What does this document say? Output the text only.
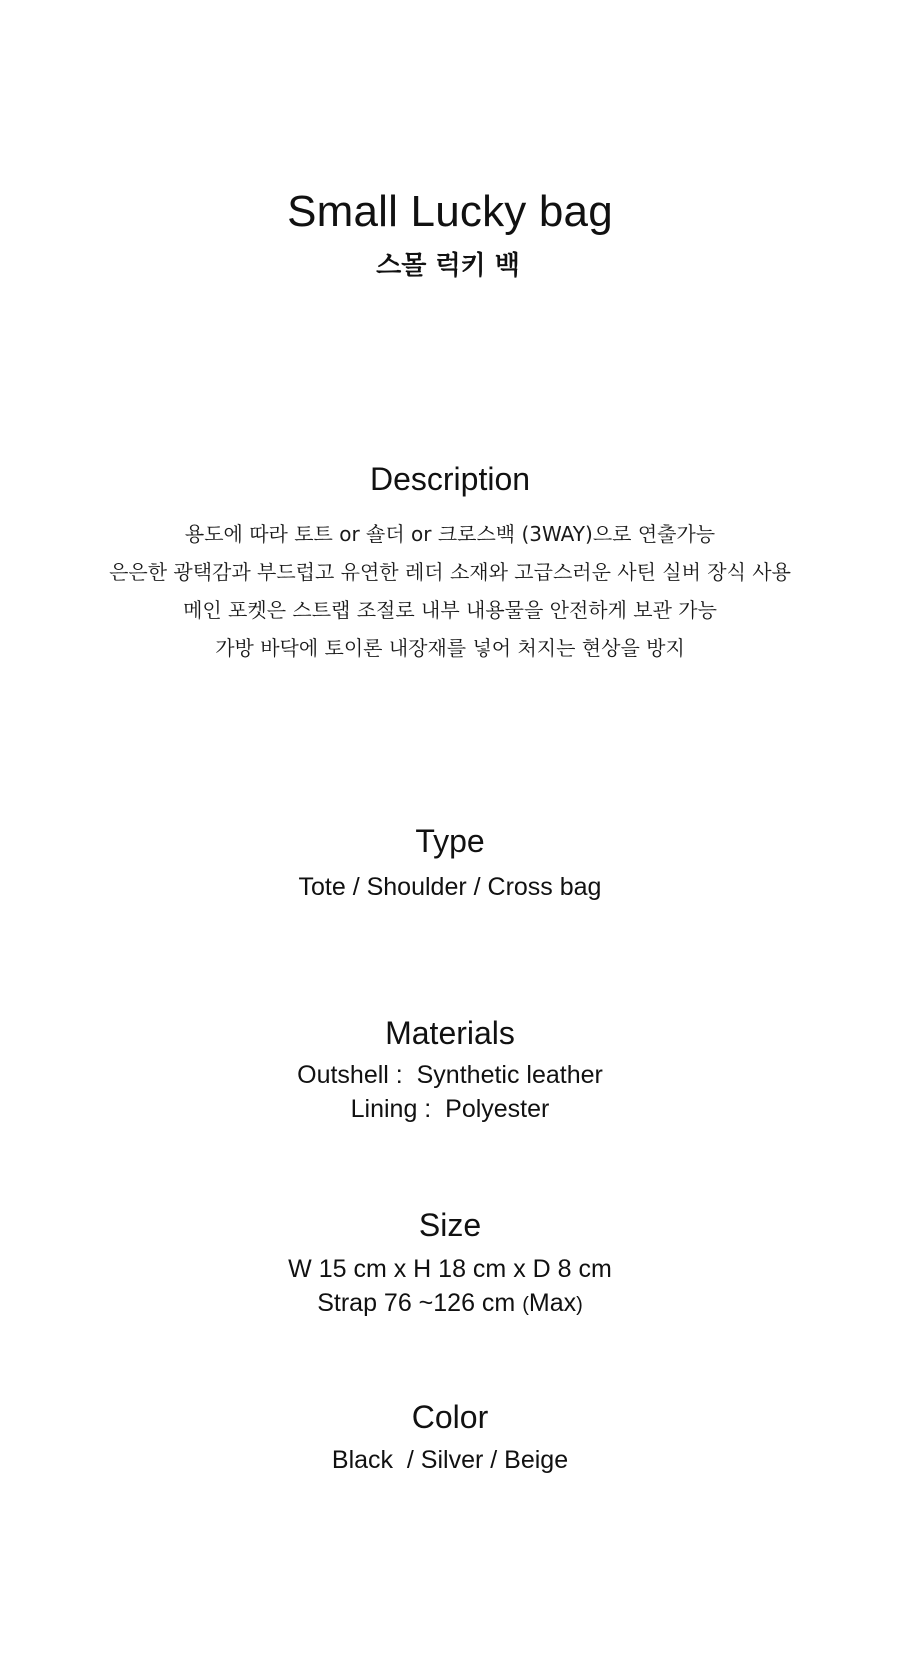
Small Lucky bag
스몰 럭키 백
Description
용도에 따라 토트 or 숄더 or 크로스백 (3WAY)으로 연출가능
은은한 광택감과 부드럽고 유연한 레더 소재와 고급스러운 사틴 실버 장식 사용
메인 포켓은 스트랩 조절로 내부 내용물을 안전하게 보관 가능
가방 바닥에 토이론 내장재를 넣어 처지는 현상을 방지
Type
Tote / Shoulder / Cross bag
Materials
Outshell :  Synthetic leather
Lining :  Polyester
Size
W 15 cm x H 18 cm x D 8 cm
Strap 76 ~126 cm (Max)
Color
Black  / Silver / Beige
